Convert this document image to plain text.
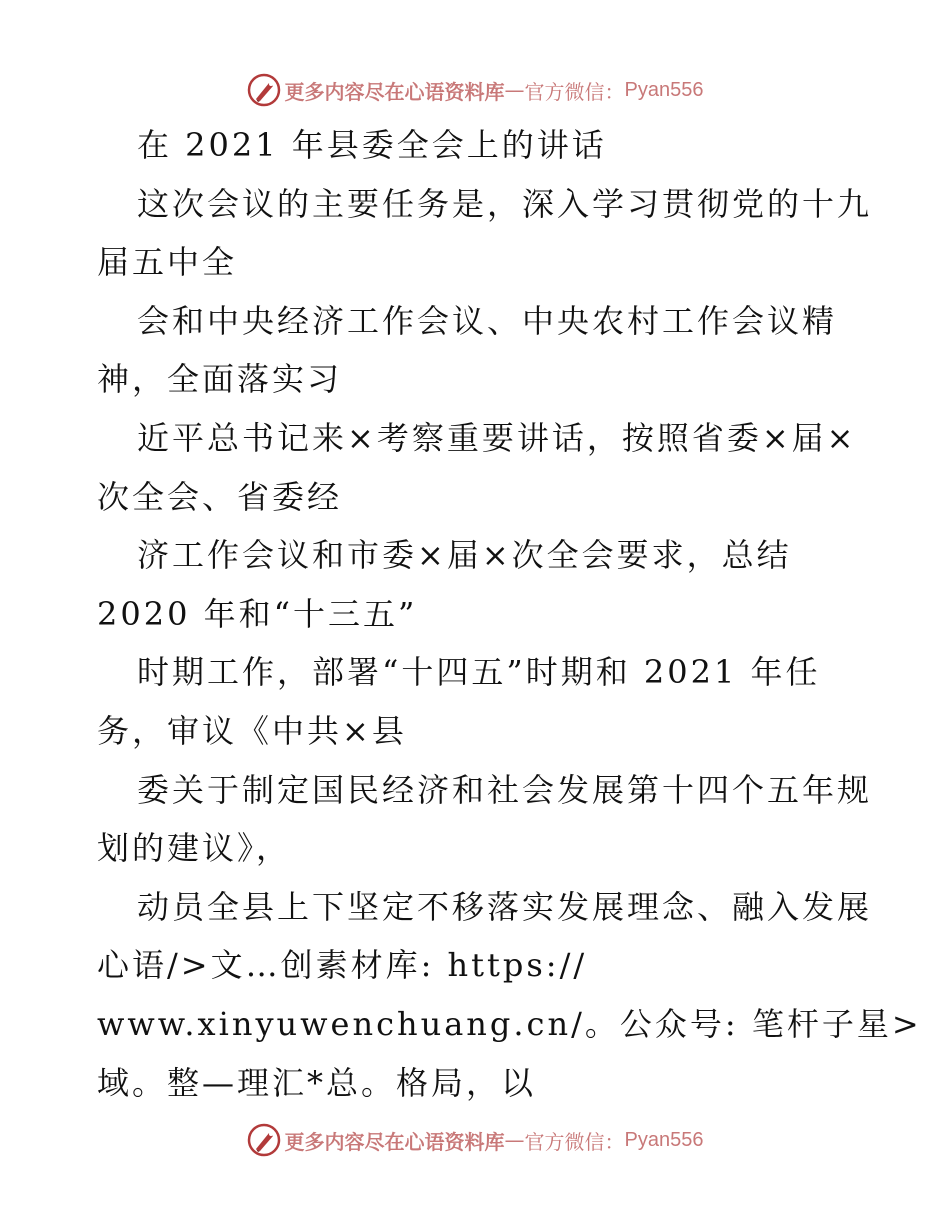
更多内容尽在心语资料库 — 官方微信： Pyan556
在 2021 年县委全会上的讲话
这次会议的主要任务是，深入学习贯彻党的十九
届五中全
会和中央经济工作会议、中央农村工作会议精
神，全面落实习
近平总书记来×考察重要讲话，按照省委×届×
次全会、省委经
济工作会议和市委×届×次全会要求，总结
2020 年和“十三五”
时期工作，部署“十四五”时期和 2021 年任
务，审议《中共×县
委关于制定国民经济和社会发展第十四个五年规
划的建议》，
动员全县上下坚定不移落实发展理念、融入发展
心语/>文…创素材库: https://
www.xinyuwenchuang.cn/。公众号: 笔杆子星>
域。整—理汇*总。格局，以
更多内容尽在心语资料库 — 官方微信： Pyan556
